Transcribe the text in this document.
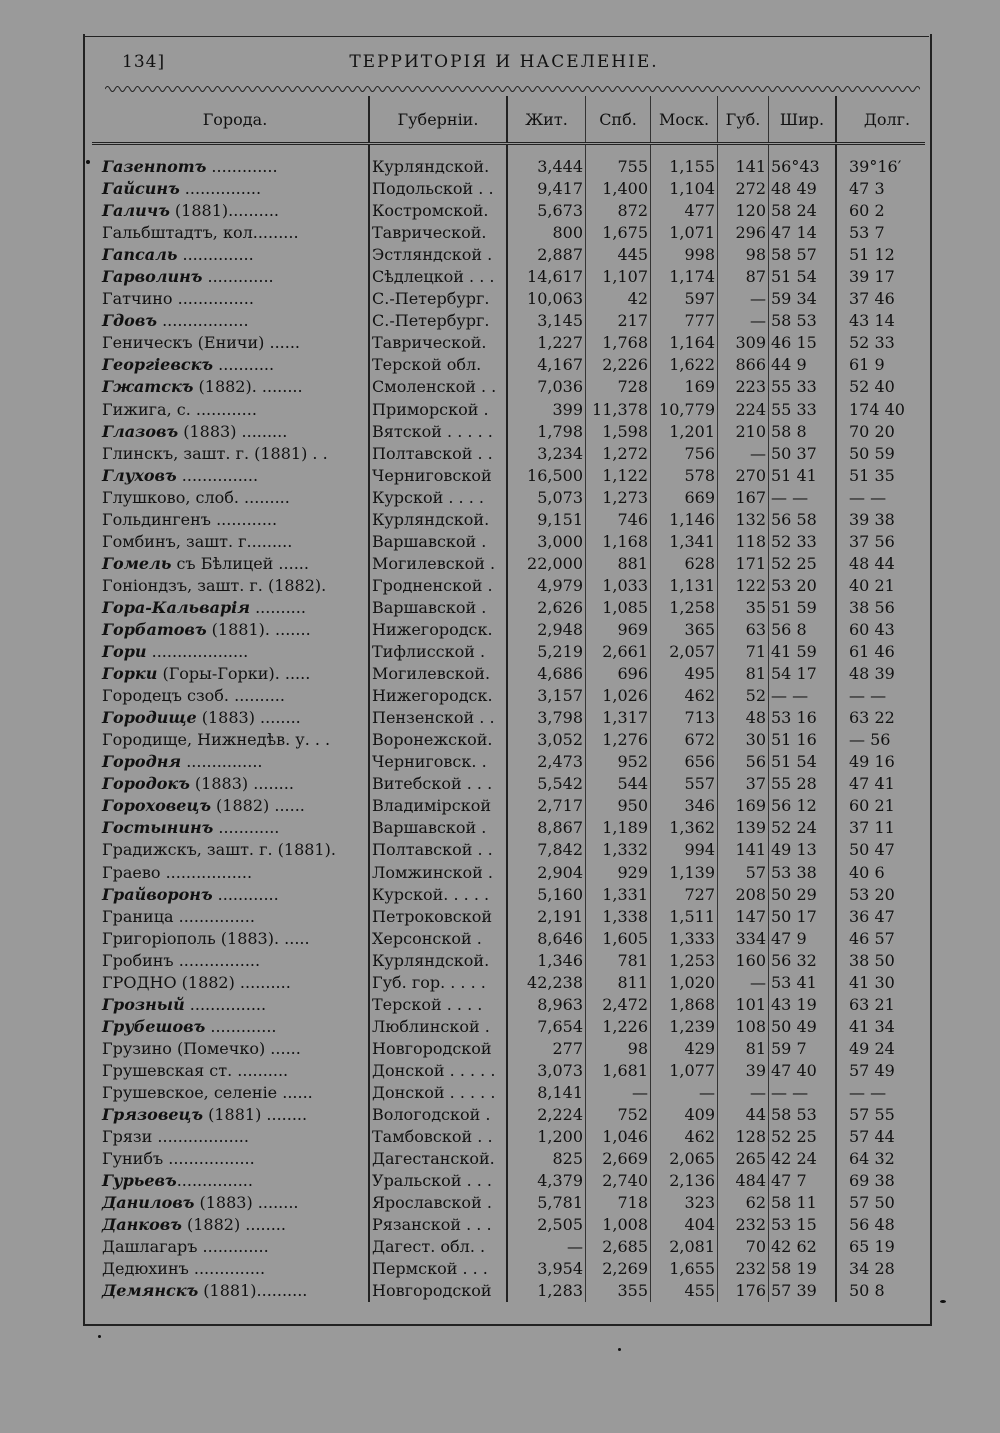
134]	ТЕРРИТОРІЯ И НАСЕЛЕНІЕ.
Города.	Губерніи.	Жит.	Спб.	Моск.	Губ.	Шир.	Долг.
Газенпотъ .............	Курляндской.	3,444	755	1,155	141	56°43	39°16′
Гайсинъ ...............	Подольской . .	9,417	1,400	1,104	272	48 49	47 3
Галичъ (1881)..........	Костромской.	5,673	872	477	120	58 24	60 2
Гальбштадтъ, кол.........	Таврической.	800	1,675	1,071	296	47 14	53 7
Гапсаль ..............	Эстляндской .	2,887	445	998	98	58 57	51 12
Гарволинъ .............	Сѣдлецкой . . .	14,617	1,107	1,174	87	51 54	39 17
Гатчино ...............	С.-Петербург.	10,063	42	597	—	59 34	37 46
Гдовъ .................	С.-Петербург.	3,145	217	777	—	58 53	43 14
Геническъ (Еничи) ......	Таврической.	1,227	1,768	1,164	309	46 15	52 33
Георгіевскъ ...........	Терской обл.	4,167	2,226	1,622	866	44 9	61 9
Гжатскъ (1882). ........	Смоленской . .	7,036	728	169	223	55 33	52 40
Гижига, с. ............	Приморской .	399	11,378	10,779	224	55 33	174 40
Глазовъ (1883) .........	Вятской . . . . .	1,798	1,598	1,201	210	58 8	70 20
Глинскъ, зашт. г. (1881) . .	Полтавской . .	3,234	1,272	756	—	50 37	50 59
Глуховъ ...............	Черниговской	16,500	1,122	578	270	51 41	51 35
Глушково, слоб. .........	Курской . . . .	5,073	1,273	669	167	— —	— —
Гольдингенъ ............	Курляндской.	9,151	746	1,146	132	56 58	39 38
Гомбинъ, зашт. г.........	Варшавской .	3,000	1,168	1,341	118	52 33	37 56
Гомель съ Бѣлицей ......	Могилевской .	22,000	881	628	171	52 25	48 44
Гоніондзъ, зашт. г. (1882).	Гродненской .	4,979	1,033	1,131	122	53 20	40 21
Гора-Кальварія ..........	Варшавской .	2,626	1,085	1,258	35	51 59	38 56
Горбатовъ (1881). .......	Нижегородск.	2,948	969	365	63	56 8	60 43
Гори ...................	Тифлисской .	5,219	2,661	2,057	71	41 59	61 46
Горки (Горы-Горки). .....	Могилевской.	4,686	696	495	81	54 17	48 39
Городецъ сзоб. ..........	Нижегородск.	3,157	1,026	462	52	— —	— —
Городище (1883) ........	Пензенской . .	3,798	1,317	713	48	53 16	63 22
Городище, Нижнедѣв. у. . .	Воронежской.	3,052	1,276	672	30	51 16	— 56
Городня ...............	Черниговск. .	2,473	952	656	56	51 54	49 16
Городокъ (1883) ........	Витебской . . .	5,542	544	557	37	55 28	47 41
Гороховецъ (1882) ......	Владимірской	2,717	950	346	169	56 12	60 21
Гостынинъ ............	Варшавской .	8,867	1,189	1,362	139	52 24	37 11
Градижскъ, зашт. г. (1881).	Полтавской . .	7,842	1,332	994	141	49 13	50 47
Граево .................	Ломжинской .	2,904	929	1,139	57	53 38	40 6
Грайворонъ ............	Курской. . . . .	5,160	1,331	727	208	50 29	53 20
Граница ...............	Петроковской	2,191	1,338	1,511	147	50 17	36 47
Григоріополь (1883). .....	Херсонской .	8,646	1,605	1,333	334	47 9	46 57
Гробинъ ................	Курляндской.	1,346	781	1,253	160	56 32	38 50
ГРОДНО (1882) ..........	Губ. гор. . . . .	42,238	811	1,020	—	53 41	41 30
Грозный ...............	Терской . . . .	8,963	2,472	1,868	101	43 19	63 21
Грубешовъ .............	Люблинской .	7,654	1,226	1,239	108	50 49	41 34
Грузино (Помечко) ......	Новгородской	277	98	429	81	59 7	49 24
Грушевская ст. ..........	Донской . . . . .	3,073	1,681	1,077	39	47 40	57 49
Грушевское, селеніе ......	Донской . . . . .	8,141	—	—	—	— —	— —
Грязовецъ (1881) ........	Вологодской .	2,224	752	409	44	58 53	57 55
Грязи ..................	Тамбовской . .	1,200	1,046	462	128	52 25	57 44
Гунибъ .................	Дагестанской.	825	2,669	2,065	265	42 24	64 32
Гурьевъ...............	Уральской . . .	4,379	2,740	2,136	484	47 7	69 38
Даниловъ (1883) ........	Ярославской .	5,781	718	323	62	58 11	57 50
Данковъ (1882) ........	Рязанской . . .	2,505	1,008	404	232	53 15	56 48
Дашлагаръ .............	Дагест. обл. .	—	2,685	2,081	70	42 62	65 19
Дедюхинъ ..............	Пермской . . .	3,954	2,269	1,655	232	58 19	34 28
Демянскъ (1881)..........	Новгородской	1,283	355	455	176	57 39	50 8
